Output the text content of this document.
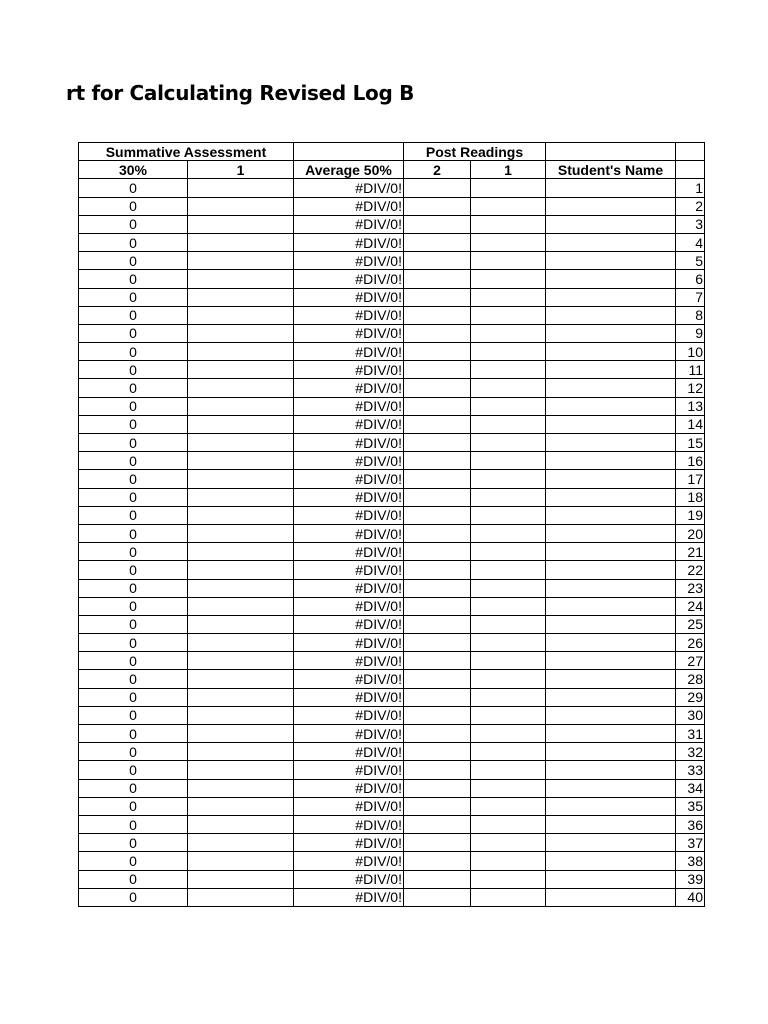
rt for Calculating Revised Log B
Summative Assessment			Post Readings			
30%	1	Average 50%	2	1	Student's Name	
0		#DIV/0!				1
0		#DIV/0!				2
0		#DIV/0!				3
0		#DIV/0!				4
0		#DIV/0!				5
0		#DIV/0!				6
0		#DIV/0!				7
0		#DIV/0!				8
0		#DIV/0!				9
0		#DIV/0!				10
0		#DIV/0!				11
0		#DIV/0!				12
0		#DIV/0!				13
0		#DIV/0!				14
0		#DIV/0!				15
0		#DIV/0!				16
0		#DIV/0!				17
0		#DIV/0!				18
0		#DIV/0!				19
0		#DIV/0!				20
0		#DIV/0!				21
0		#DIV/0!				22
0		#DIV/0!				23
0		#DIV/0!				24
0		#DIV/0!				25
0		#DIV/0!				26
0		#DIV/0!				27
0		#DIV/0!				28
0		#DIV/0!				29
0		#DIV/0!				30
0		#DIV/0!				31
0		#DIV/0!				32
0		#DIV/0!				33
0		#DIV/0!				34
0		#DIV/0!				35
0		#DIV/0!				36
0		#DIV/0!				37
0		#DIV/0!				38
0		#DIV/0!				39
0		#DIV/0!				40
